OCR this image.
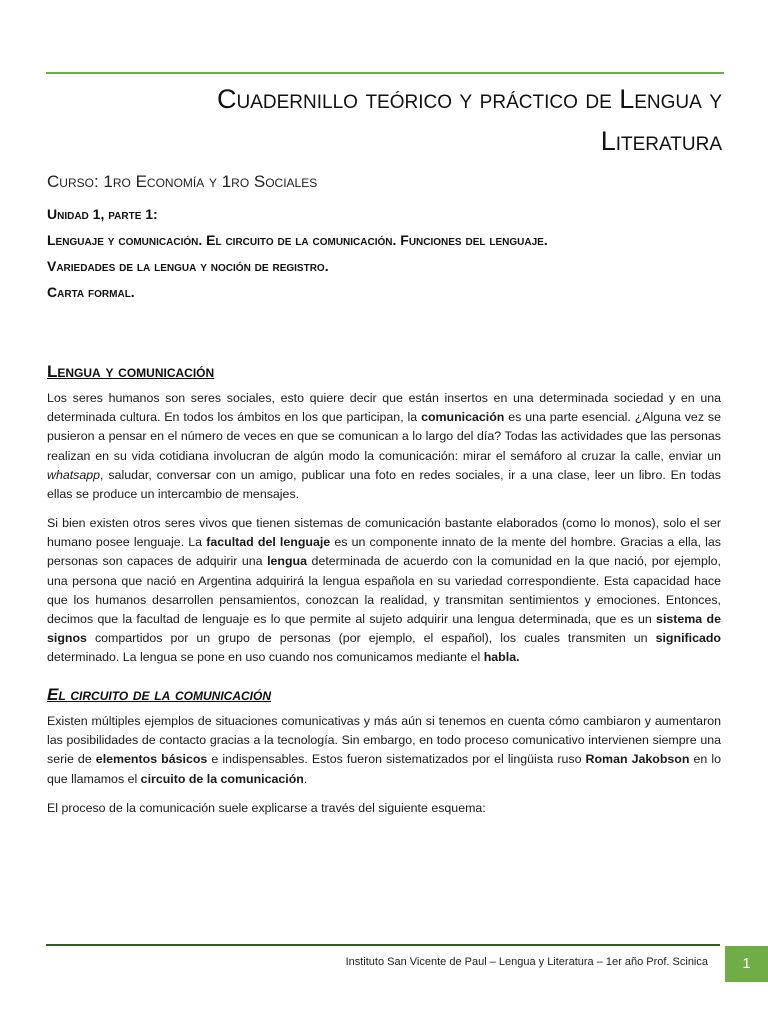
Cuadernillo teórico y práctico de Lengua y
Literatura
Curso: 1ro Economía y 1ro Sociales
Unidad 1, parte 1:
Lenguaje y comunicación. El circuito de la comunicación. Funciones del lenguaje.
Variedades de la lengua y noción de registro.
Carta formal.
Lengua y comunicación
Los seres humanos son seres sociales, esto quiere decir que están insertos en una determinada sociedad y en una determinada cultura. En todos los ámbitos en los que participan, la comunicación es una parte esencial. ¿Alguna vez se pusieron a pensar en el número de veces en que se comunican a lo largo del día? Todas las actividades que las personas realizan en su vida cotidiana involucran de algún modo la comunicación: mirar el semáforo al cruzar la calle, enviar un whatsapp, saludar, conversar con un amigo, publicar una foto en redes sociales, ir a una clase, leer un libro. En todas ellas se produce un intercambio de mensajes.
Si bien existen otros seres vivos que tienen sistemas de comunicación bastante elaborados (como lo monos), solo el ser humano posee lenguaje. La facultad del lenguaje es un componente innato de la mente del hombre. Gracias a ella, las personas son capaces de adquirir una lengua determinada de acuerdo con la comunidad en la que nació, por ejemplo, una persona que nació en Argentina adquirirá la lengua española en su variedad correspondiente. Esta capacidad hace que los humanos desarrollen pensamientos, conozcan la realidad, y transmitan sentimientos y emociones. Entonces, decimos que la facultad de lenguaje es lo que permite al sujeto adquirir una lengua determinada, que es un sistema de signos compartidos por un grupo de personas (por ejemplo, el español), los cuales transmiten un significado determinado. La lengua se pone en uso cuando nos comunicamos mediante el habla.
El circuito de la comunicación
Existen múltiples ejemplos de situaciones comunicativas y más aún si tenemos en cuenta cómo cambiaron y aumentaron las posibilidades de contacto gracias a la tecnología. Sin embargo, en todo proceso comunicativo intervienen siempre una serie de elementos básicos e indispensables. Estos fueron sistematizados por el lingüista ruso Roman Jakobson en lo que llamamos el circuito de la comunicación.
El proceso de la comunicación suele explicarse a través del siguiente esquema:
Instituto San Vicente de Paul – Lengua y Literatura – 1er año Prof. Scinica	1
